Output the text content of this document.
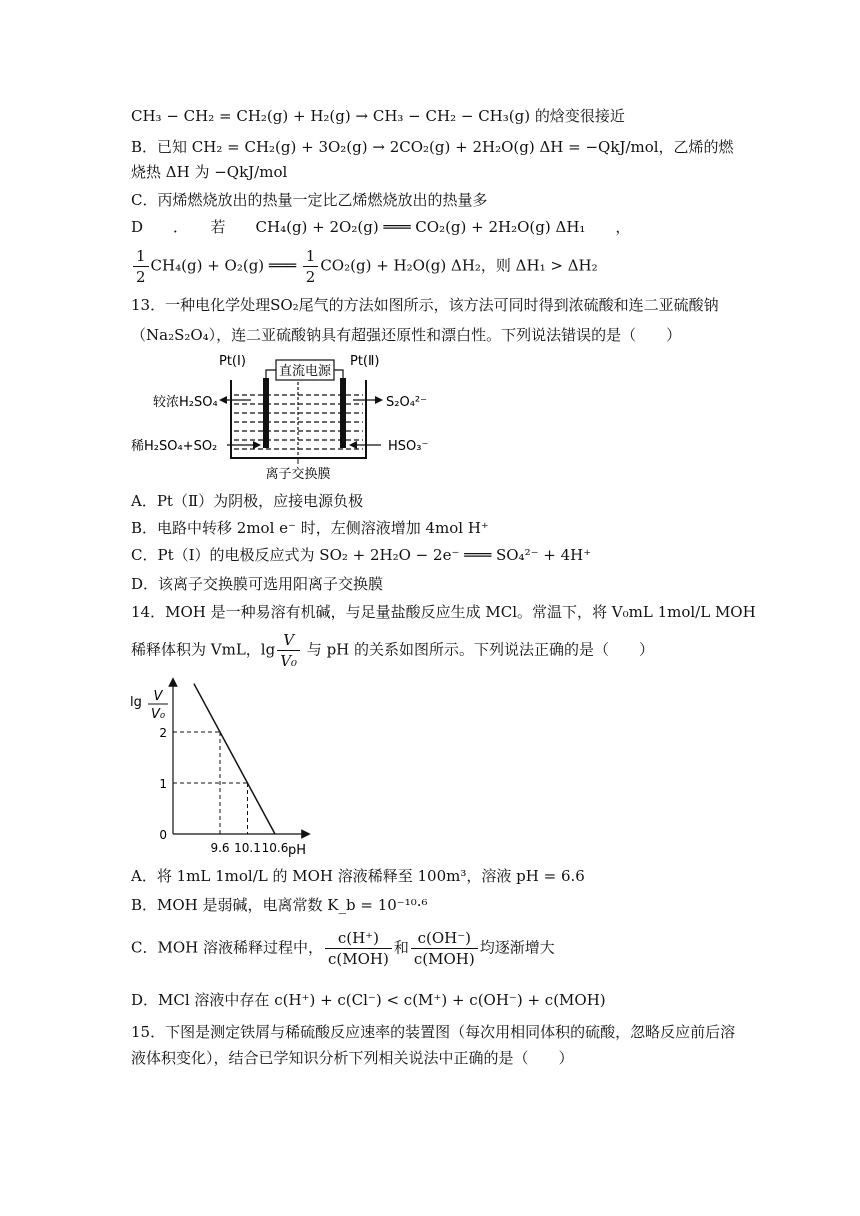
CH₃ − CH₂ = CH₂(g) + H₂(g) → CH₃ − CH₂ − CH₃(g) 的焓变很接近
B．已知 CH₂ = CH₂(g) + 3O₂(g) → 2CO₂(g) + 2H₂O(g) ΔH = −QkJ/mol，乙烯的燃
烧热 ΔH 为 −QkJ/mol
C．丙烯燃烧放出的热量一定比乙烯燃烧放出的热量多
D　　．　　若　　CH₄(g) + 2O₂(g) ═══ CO₂(g) + 2H₂O(g) ΔH₁　　，
$\frac{1}{2} CH_4(g) + O_2(g)$ ═══ $\frac{1}{2} CO_2(g) + H_2O(g)$ ΔH₂，则 ΔH₁ > ΔH₂
13．一种电化学处理SO₂尾气的方法如图所示，该方法可同时得到浓硫酸和连二亚硫酸钠
（Na₂S₂O₄），连二亚硫酸钠具有超强还原性和漂白性。下列说法错误的是（　　）
直流电源
Pt(Ⅰ)	Pt(Ⅱ)
较浓H₂SO₄
稀H₂SO₄+SO₂
S₂O₄²⁻
HSO₃⁻
离子交换膜
A．Pt（Ⅱ）为阴极，应接电源负极
B．电路中转移 2mol e⁻ 时，左侧溶液增加 4mol H⁺
C．Pt（Ⅰ）的电极反应式为 SO₂ + 2H₂O − 2e⁻ ═══ SO₄²⁻ + 4H⁺
D．该离子交换膜可选用阳离子交换膜
14．MOH 是一种易溶有机碱，与足量盐酸反应生成 MCl。常温下，将 V₀mL 1mol/L MOH
稀释体积为 VmL，$\lg \frac{V}{\text{V₀}}$ 与 pH 的关系如图所示。下列说法正确的是（　　）
lg V
V₀
pH
9.6 10.1 10.6
0
1
2
A．将 1mL 1mol/L 的 MOH 溶液稀释至 100m³，溶液 pH = 6.6
B．MOH 是弱碱，电离常数 K_b = 10⁻¹⁰·⁶
C．MOH 溶液稀释过程中，
c(H⁺)
c(MOH)
和
c(OH⁻)
c(MOH)
均逐渐增大
D．MCl 溶液中存在 c(H⁺) + c(Cl⁻) < c(M⁺) + c(OH⁻) + c(MOH)
15．下图是测定铁屑与稀硫酸反应速率的装置图（每次用相同体积的硫酸，忽略反应前后溶
液体积变化），结合已学知识分析下列相关说法中正确的是（　　）
